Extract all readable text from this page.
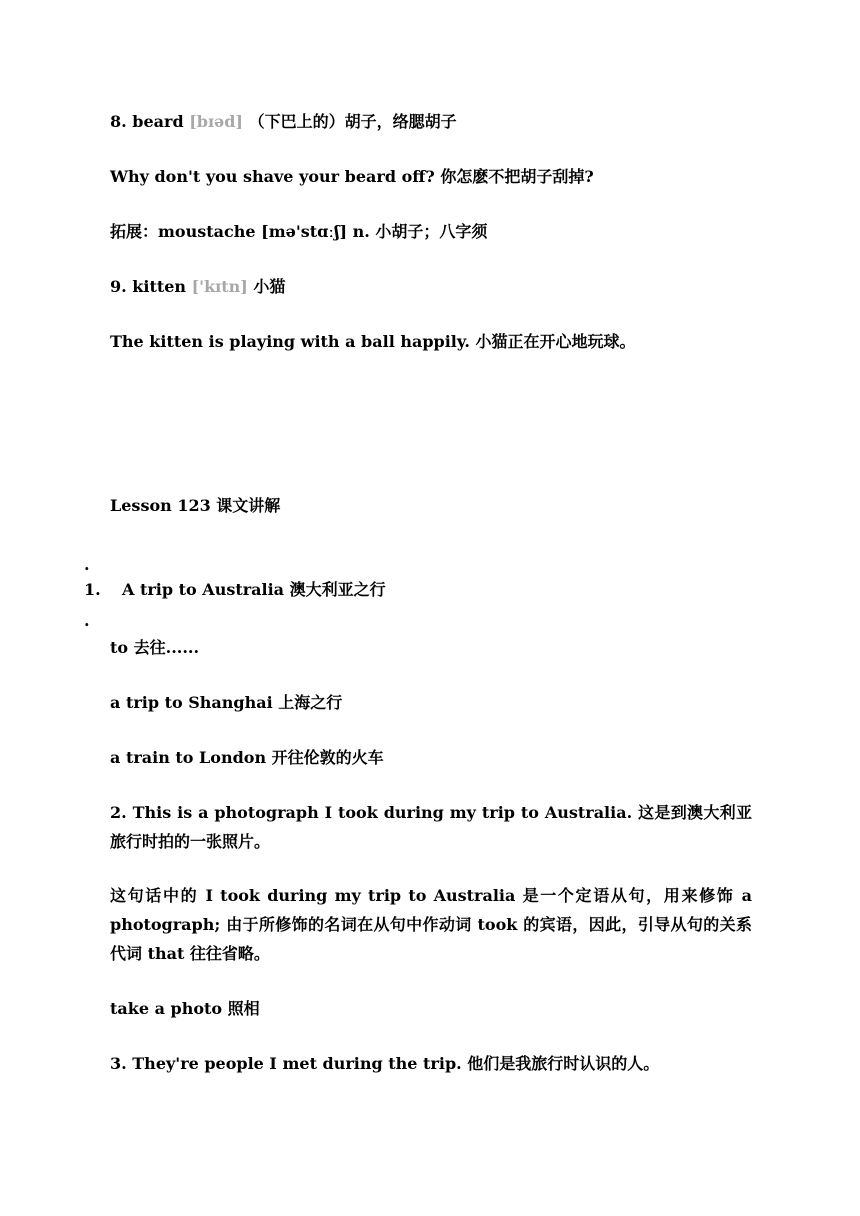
8. beard [bɪəd] （下巴上的）胡子，络腮胡子
Why don't you shave your beard off? 你怎麽不把胡子刮掉?
拓展：moustache [mə'stɑːʃ] n. 小胡子；八字须
9. kitten ['kɪtn] 小猫
The kitten is playing with a ball happily. 小猫正在开心地玩球。
Lesson 123 课文讲解
.
1. A trip to Australia 澳大利亚之行
.
to 去往......
a trip to Shanghai 上海之行
a train to London 开往伦敦的火车
2. This is a photograph I took during my trip to Australia. 这是到澳大利亚旅行时拍的一张照片。
这句话中的 I took during my trip to Australia 是一个定语从句，用来修饰 a photograph; 由于所修饰的名词在从句中作动词 took 的宾语，因此，引导从句的关系代词 that 往往省略。
take a photo 照相
3. They're people I met during the trip. 他们是我旅行时认识的人。
